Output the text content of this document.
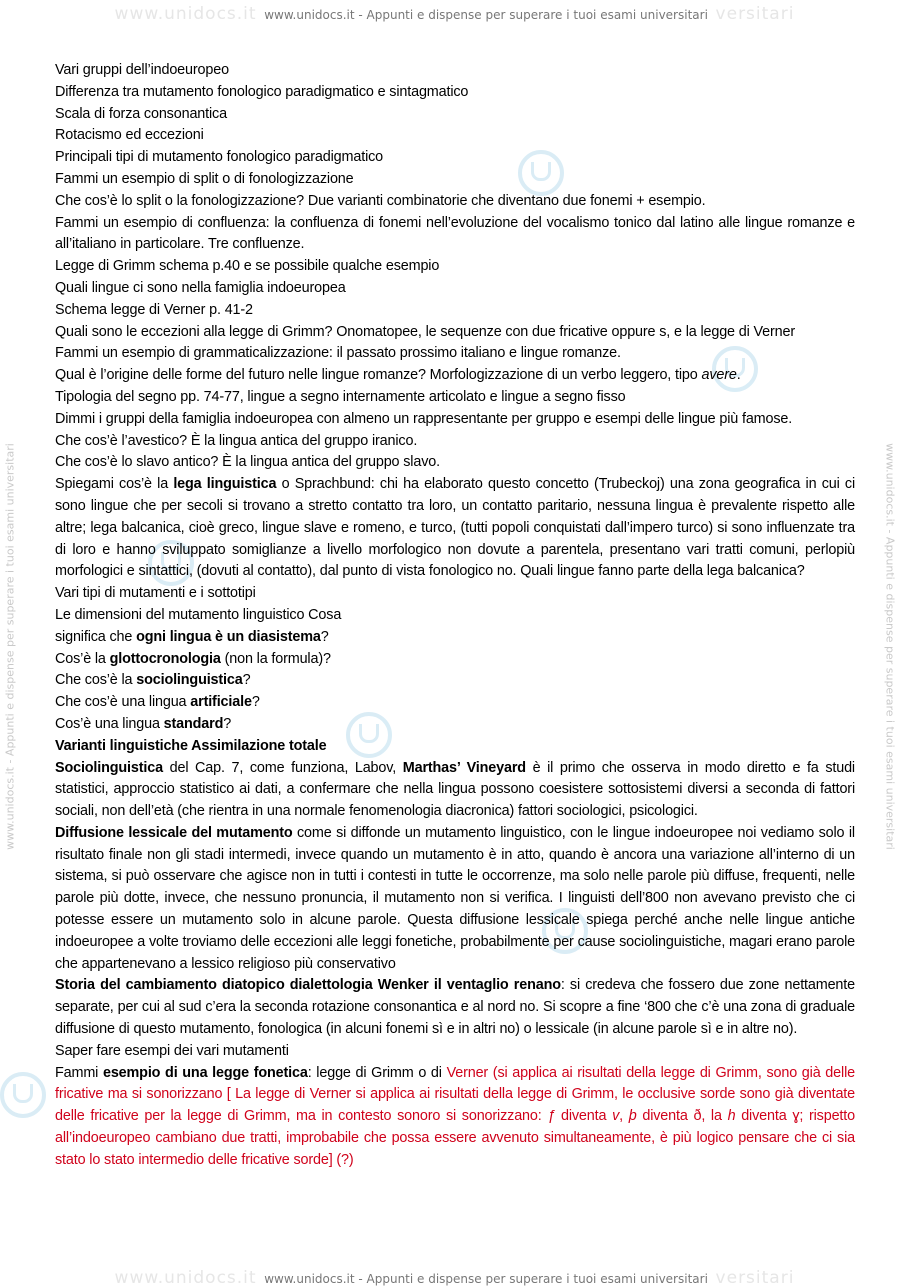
www.unidocs.it www.unidocs.it - Appunti e dispense per superare i tuoi esami universitari versitari
www.unidocs.it - Appunti e dispense per superare i tuoi esami universitari	www.unidocs.it - Appunti e dispense per superare i tuoi esami universitari

Vari gruppi dell’indoeuropeo

Differenza tra mutamento fonologico paradigmatico e sintagmatico

Scala di forza consonantica

Rotacismo ed eccezioni

Principali tipi di mutamento fonologico paradigmatico

Fammi un esempio di split o di fonologizzazione

Che cos’è lo split o la fonologizzazione? Due varianti combinatorie che diventano due fonemi + esempio.

Fammi un esempio di confluenza: la confluenza di fonemi nell’evoluzione del vocalismo tonico dal latino alle lingue romanze e all’italiano in particolare. Tre confluenze.

Legge di Grimm schema p.40 e se possibile qualche esempio

Quali lingue ci sono nella famiglia indoeuropea

Schema legge di Verner p. 41-2

Quali sono le eccezioni alla legge di Grimm? Onomatopee, le sequenze con due fricative oppure s, e la legge di Verner

Fammi un esempio di grammaticalizzazione: il passato prossimo italiano e lingue romanze.

Qual è l’origine delle forme del futuro nelle lingue romanze? Morfologizzazione di un verbo leggero, tipo avere.

Tipologia del segno pp. 74-77, lingue a segno internamente articolato e lingue a segno fisso

Dimmi i gruppi della famiglia indoeuropea con almeno un rappresentante per gruppo e esempi delle lingue più famose.

Che cos’è l’avestico? È la lingua antica del gruppo iranico.

Che cos’è lo slavo antico? È la lingua antica del gruppo slavo.

Spiegami cos’è la lega linguistica o Sprachbund: chi ha elaborato questo concetto (Trubeckoj) una zona geografica in cui ci sono lingue che per secoli si trovano a stretto contatto tra loro, un contatto paritario, nessuna lingua è prevalente rispetto alle altre; lega balcanica, cioè greco, lingue slave e romeno, e turco, (tutti popoli conquistati dall’impero turco) si sono influenzate tra di loro e hanno sviluppato somiglianze a livello morfologico non dovute a parentela, presentano vari tratti comuni, perlopiù morfologici e sintattici, (dovuti al contatto), dal punto di vista fonologico no. Quali lingue fanno parte della lega balcanica?

Vari tipi di mutamenti e i sottotipi

Le dimensioni del mutamento linguistico Cosa

significa che ogni lingua è un diasistema?

Cos’è la glottocronologia (non la formula)?

Che cos’è la sociolinguistica?

Che cos’è una lingua artificiale?

Cos’è una lingua standard?

Varianti linguistiche Assimilazione totale

Sociolinguistica del Cap. 7, come funziona, Labov, Marthas’ Vineyard è il primo che osserva in modo diretto e fa studi statistici, approccio statistico ai dati, a confermare che nella lingua possono coesistere sottosistemi diversi a seconda di fattori sociali, non dell’età (che rientra in una normale fenomenologia diacronica) fattori sociologici, psicologici.

Diffusione lessicale del mutamento come si diffonde un mutamento linguistico, con le lingue indoeuropee noi vediamo solo il risultato finale non gli stadi intermedi, invece quando un mutamento è in atto, quando è ancora una variazione all’interno di un sistema, si può osservare che agisce non in tutti i contesti in tutte le occorrenze, ma solo nelle parole più diffuse, frequenti, nelle parole più dotte, invece, che nessuno pronuncia, il mutamento non si verifica. I linguisti dell’800 non avevano previsto che ci potesse essere un mutamento solo in alcune parole. Questa diffusione lessicale spiega perché anche nelle lingue antiche indoeuropee a volte troviamo delle eccezioni alle leggi fonetiche, probabilmente per cause sociolinguistiche, magari erano parole che appartenevano a lessico religioso più conservativo

Storia del cambiamento diatopico dialettologia Wenker il ventaglio renano: si credeva che fossero due zone nettamente separate, per cui al sud c’era la seconda rotazione consonantica e al nord no. Si scopre a fine ‘800 che c’è una zona di graduale diffusione di questo mutamento, fonologica (in alcuni fonemi sì e in altri no) o lessicale (in alcune parole sì e in altre no).

Saper fare esempi dei vari mutamenti

Fammi esempio di una legge fonetica: legge di Grimm o di Verner (si applica ai risultati della legge di Grimm, sono già delle fricative ma si sonorizzano [ La legge di Verner si applica ai risultati della legge di Grimm, le occlusive sorde sono già diventate delle fricative per la legge di Grimm, ma in contesto sonoro si sonorizzano: ƒ diventa v, þ diventa ð, la h diventa ɣ; rispetto all’indoeuropeo cambiano due tratti, improbabile che possa essere avvenuto simultaneamente, è più logico pensare che ci sia stato lo stato intermedio delle fricative sorde] (?)

www.unidocs.it www.unidocs.it - Appunti e dispense per superare i tuoi esami universitari versitari
